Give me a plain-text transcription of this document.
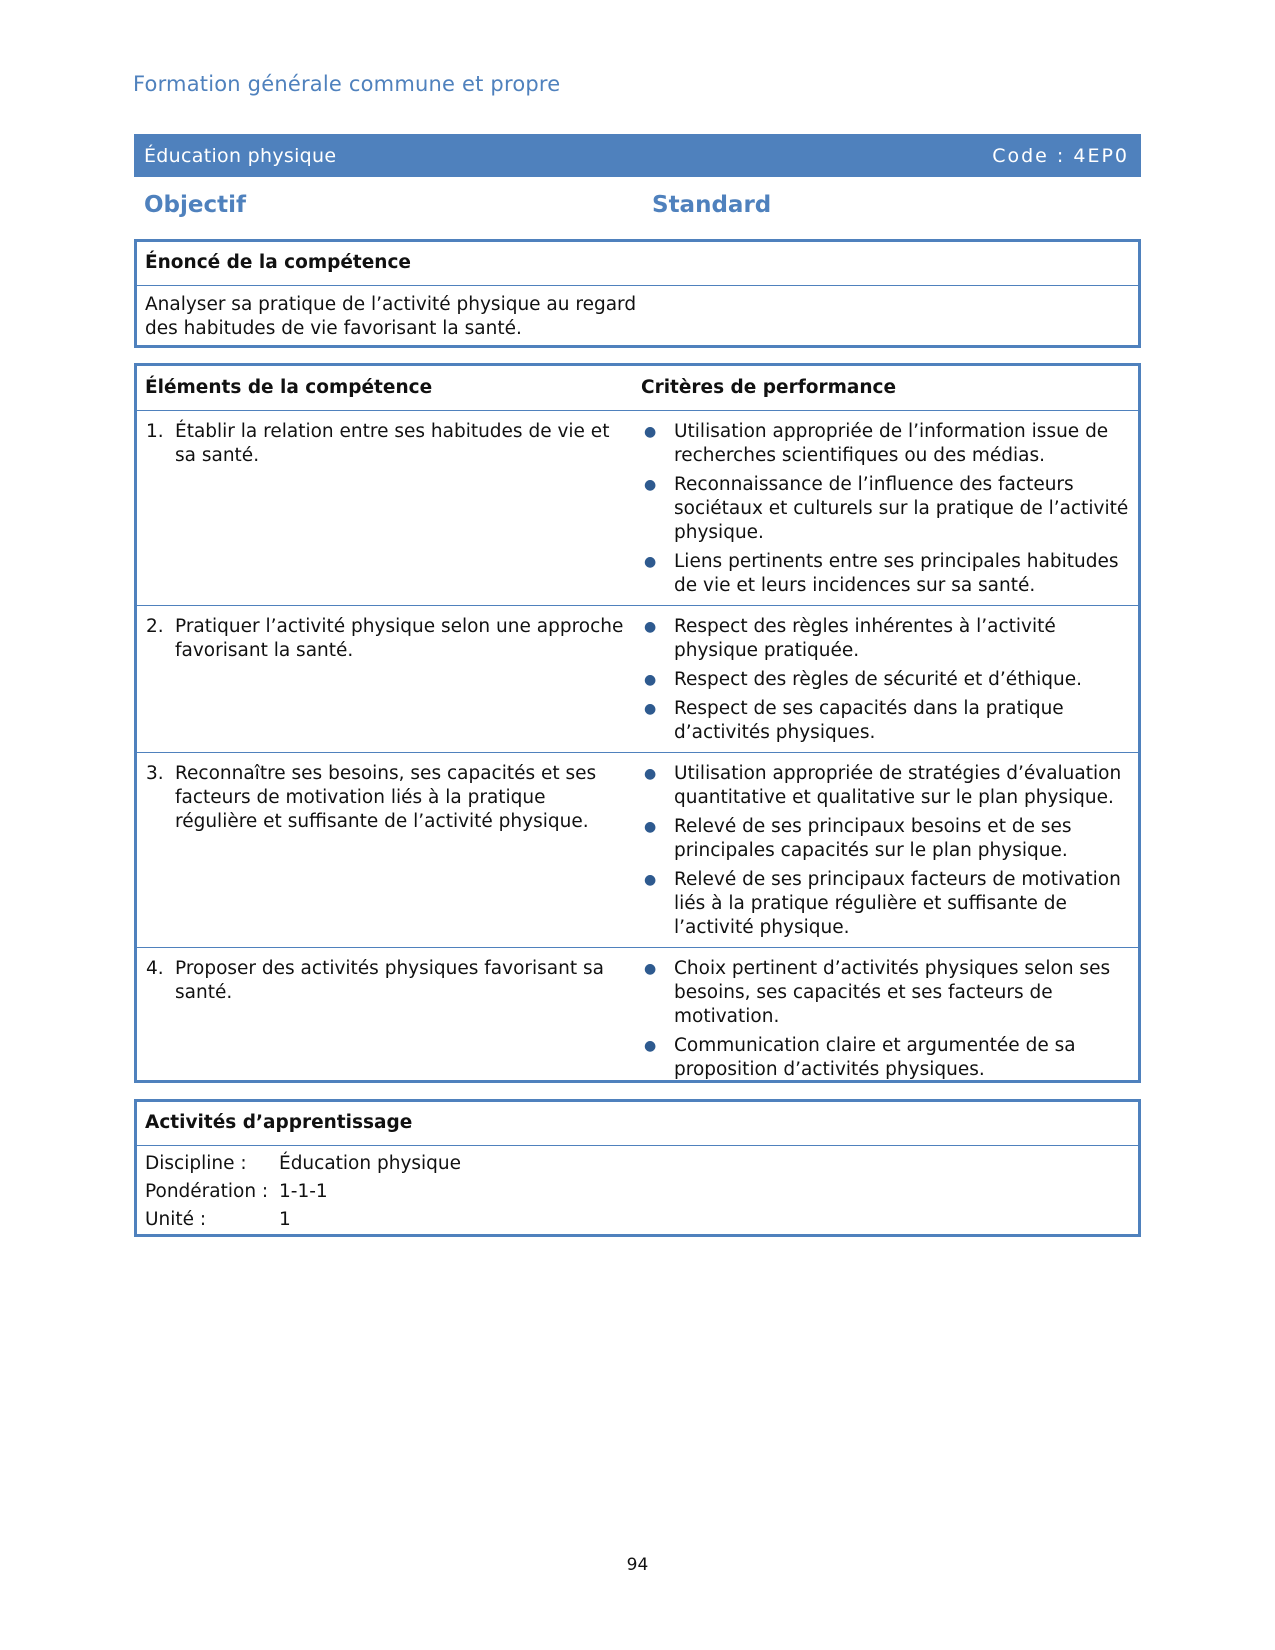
Formation générale commune et propre
Éducation physique	Code : 4EP0
Objectif	Standard
Énoncé de la compétence
Analyser sa pratique de l’activité physique au regard des habitudes de vie favorisant la santé.
Éléments de la compétence	Critères de performance

1. Établir la relation entre ses habitudes de vie et sa santé.

● Utilisation appropriée de l’information issue de recherches scientifiques ou des médias.
● Reconnaissance de l’influence des facteurs sociétaux et culturels sur la pratique de l’activité physique.
● Liens pertinents entre ses principales habitudes de vie et leurs incidences sur sa santé.

2. Pratiquer l’activité physique selon une approche favorisant la santé.

● Respect des règles inhérentes à l’activité physique pratiquée.
● Respect des règles de sécurité et d’éthique.
● Respect de ses capacités dans la pratique d’activités physiques.

3. Reconnaître ses besoins, ses capacités et ses facteurs de motivation liés à la pratique régulière et suffisante de l’activité physique.

● Utilisation appropriée de stratégies d’évaluation quantitative et qualitative sur le plan physique.
● Relevé de ses principaux besoins et de ses principales capacités sur le plan physique.
● Relevé de ses principaux facteurs de motivation liés à la pratique régulière et suffisante de l’activité physique.

4. Proposer des activités physiques favorisant sa santé.

● Choix pertinent d’activités physiques selon ses besoins, ses capacités et ses facteurs de motivation.
● Communication claire et argumentée de sa proposition d’activités physiques.
Activités d’apprentissage
Discipline :	Éducation physique
Pondération : 1-1-1
Unité :	1
94
